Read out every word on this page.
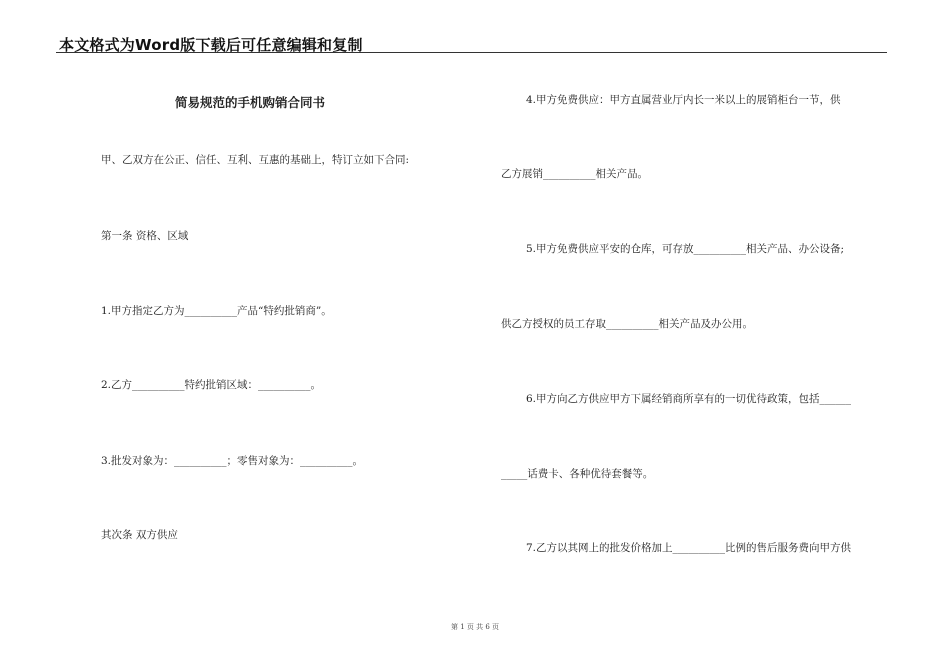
本文格式为Word版下载后可任意编辑和复制
简易规范的手机购销合同书
甲、乙双方在公正、信任、互利、互惠的基础上，特订立如下合同:
第一条 资格、区域
1.甲方指定乙方为__________产品“特约批销商”。
2.乙方__________特约批销区域：__________。
3.批发对象为：__________；零售对象为：__________。
其次条 双方供应
4.甲方免费供应：甲方直属营业厅内长一米以上的展销柜台一节，供
乙方展销__________相关产品。
5.甲方免费供应平安的仓库，可存放__________相关产品、办公设备;
供乙方授权的员工存取__________相关产品及办公用。
6.甲方向乙方供应甲方下属经销商所享有的一切优待政策，包括______
_____话费卡、各种优待套餐等。
7.乙方以其网上的批发价格加上__________比例的售后服务费向甲方供
第 1 页 共 6 页
